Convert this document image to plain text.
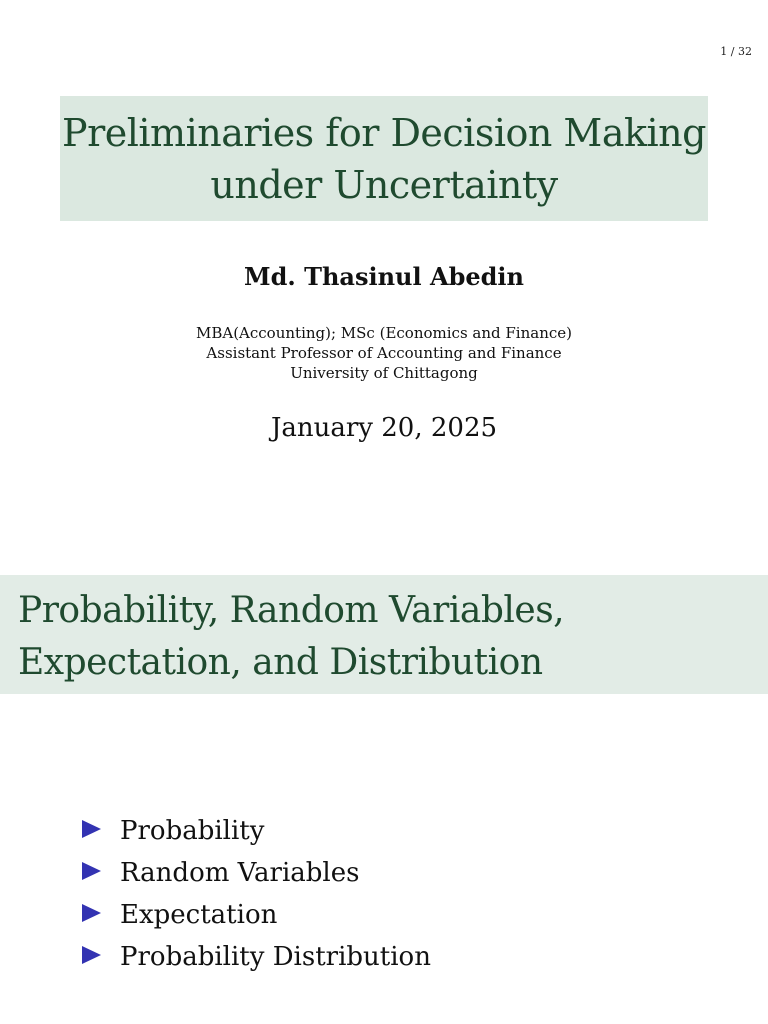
Preliminaries for Decision Making
under Uncertainty
Md. Thasinul Abedin
MBA(Accounting); MSc (Economics and Finance)
Assistant Professor of Accounting and Finance
University of Chittagong
January 20, 2025
1 / 32
Probability, Random Variables,
Expectation, and Distribution
Probability
Random Variables
Expectation
Probability Distribution
